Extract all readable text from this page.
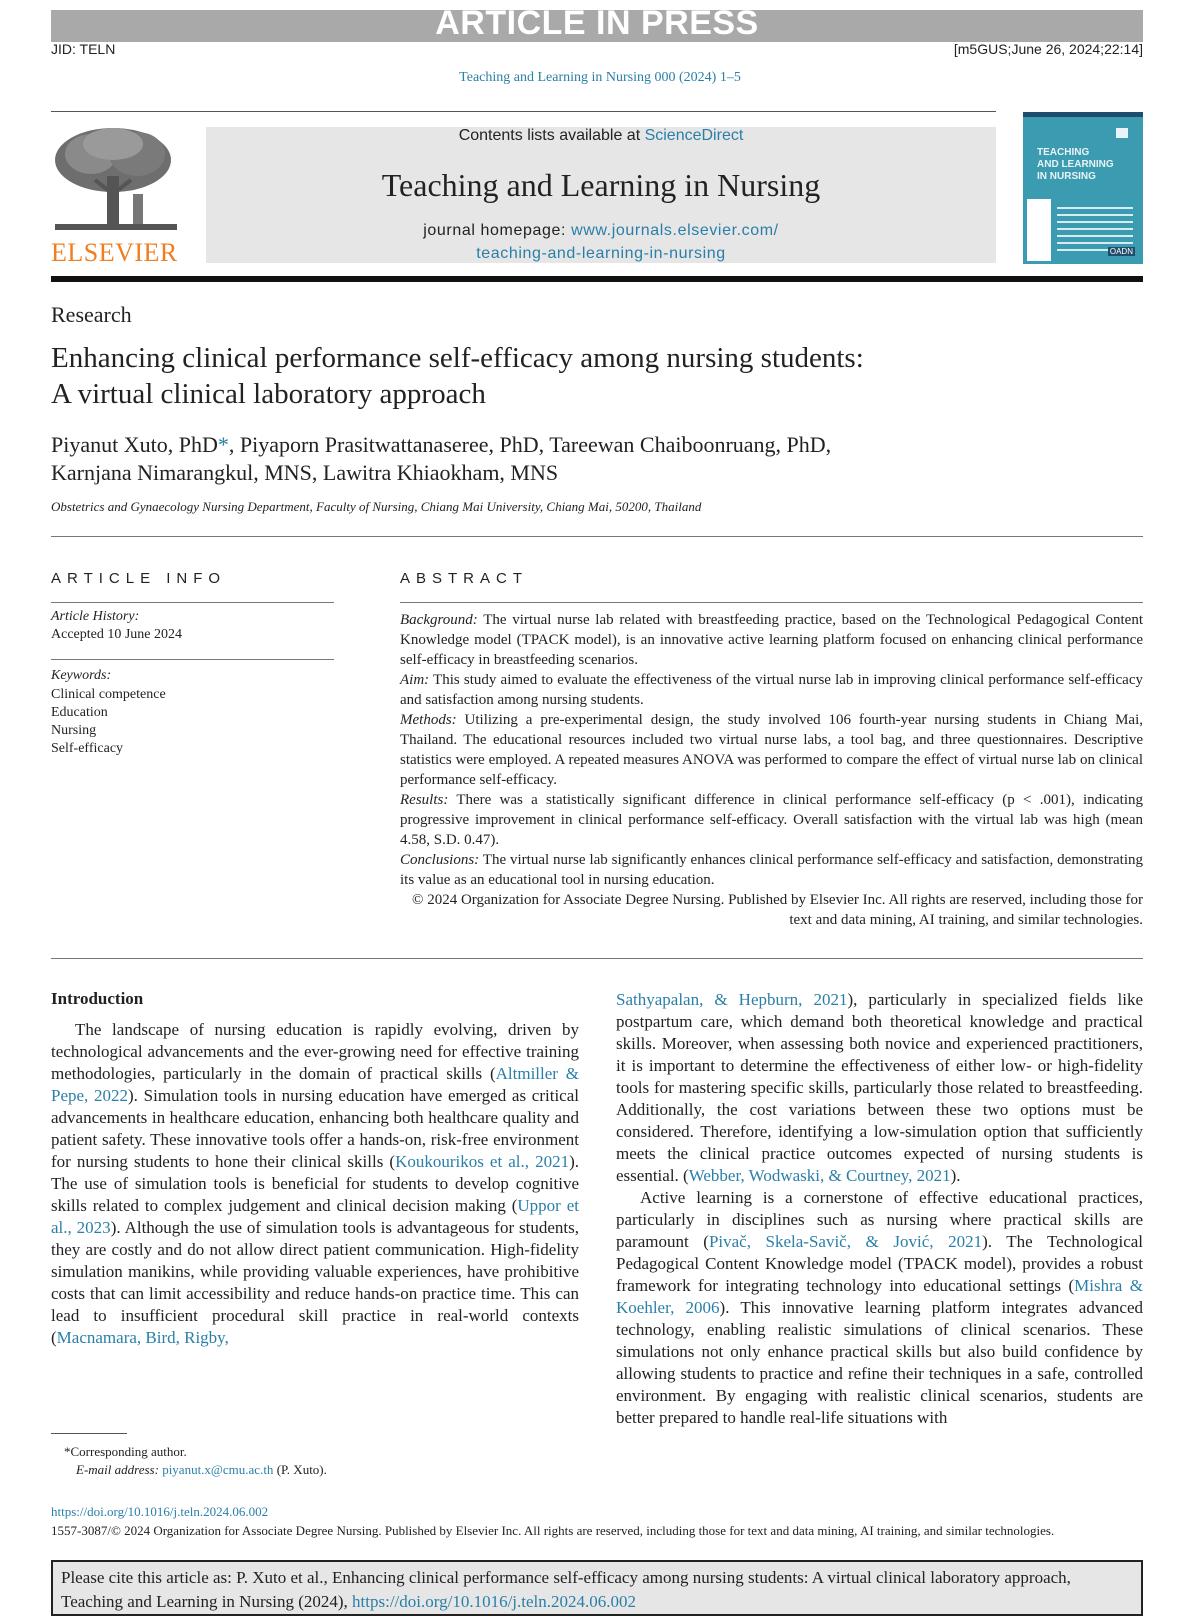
ARTICLE IN PRESS
JID: TELN	[m5GUS;June 26, 2024;22:14]
Teaching and Learning in Nursing 000 (2024) 1–5
ELSEVIER
Contents lists available at ScienceDirect
Teaching and Learning in Nursing
journal homepage: www.journals.elsevier.com/
teaching-and-learning-in-nursing
TEACHING
AND LEARNING
IN NURSING
OADN
Research
Enhancing clinical performance self-efficacy among nursing students:
A virtual clinical laboratory approach
Piyanut Xuto, PhD*, Piyaporn Prasitwattanaseree, PhD, Tareewan Chaiboonruang, PhD,
Karnjana Nimarangkul, MNS, Lawitra Khiaokham, MNS
Obstetrics and Gynaecology Nursing Department, Faculty of Nursing, Chiang Mai University, Chiang Mai, 50200, Thailand
ARTICLE INFO
Article History:
Accepted 10 June 2024
Keywords:
Clinical competence
Education
Nursing
Self-efficacy
ABSTRACT

Background: The virtual nurse lab related with breastfeeding practice, based on the Technological Pedagogical Content Knowledge model (TPACK model), is an innovative active learning platform focused on enhancing clinical performance self-efficacy in breastfeeding scenarios.

Aim: This study aimed to evaluate the effectiveness of the virtual nurse lab in improving clinical performance self-efficacy and satisfaction among nursing students.

Methods: Utilizing a pre-experimental design, the study involved 106 fourth-year nursing students in Chiang Mai, Thailand. The educational resources included two virtual nurse labs, a tool bag, and three questionnaires. Descriptive statistics were employed. A repeated measures ANOVA was performed to compare the effect of virtual nurse lab on clinical performance self-efficacy.

Results: There was a statistically significant difference in clinical performance self-efficacy (p < .001), indicating progressive improvement in clinical performance self-efficacy. Overall satisfaction with the virtual lab was high (mean 4.58, S.D. 0.47).

Conclusions: The virtual nurse lab significantly enhances clinical performance self-efficacy and satisfaction, demonstrating its value as an educational tool in nursing education.

© 2024 Organization for Associate Degree Nursing. Published by Elsevier Inc. All rights are reserved, including those for text and data mining, AI training, and similar technologies.

Introduction

The landscape of nursing education is rapidly evolving, driven by technological advancements and the ever-growing need for effective training methodologies, particularly in the domain of practical skills (Altmiller & Pepe, 2022). Simulation tools in nursing education have emerged as critical advancements in healthcare education, enhancing both healthcare quality and patient safety. These innovative tools offer a hands-on, risk-free environment for nursing students to hone their clinical skills (Koukourikos et al., 2021). The use of simulation tools is beneficial for students to develop cognitive skills related to complex judgement and clinical decision making (Uppor et al., 2023). Although the use of simulation tools is advantageous for students, they are costly and do not allow direct patient communication. High-fidelity simulation manikins, while providing valuable experiences, have prohibitive costs that can limit accessibility and reduce hands-on practice time. This can lead to insufficient procedural skill practice in real-world contexts (Macnamara, Bird, Rigby,

Sathyapalan, & Hepburn, 2021), particularly in specialized fields like postpartum care, which demand both theoretical knowledge and practical skills. Moreover, when assessing both novice and experienced practitioners, it is important to determine the effectiveness of either low- or high-fidelity tools for mastering specific skills, particularly those related to breastfeeding. Additionally, the cost variations between these two options must be considered. Therefore, identifying a low-simulation option that sufficiently meets the clinical practice outcomes expected of nursing students is essential. (Webber, Wodwaski, & Courtney, 2021).

Active learning is a cornerstone of effective educational practices, particularly in disciplines such as nursing where practical skills are paramount (Pivač, Skela-Savič, & Jović, 2021). The Technological Pedagogical Content Knowledge model (TPACK model), provides a robust framework for integrating technology into educational settings (Mishra & Koehler, 2006). This innovative learning platform integrates advanced technology, enabling realistic simulations of clinical scenarios. These simulations not only enhance practical skills but also build confidence by allowing students to practice and refine their techniques in a safe, controlled environment. By engaging with realistic clinical scenarios, students are better prepared to handle real-life situations with

*Corresponding author.
E-mail address: piyanut.x@cmu.ac.th (P. Xuto).
https://doi.org/10.1016/j.teln.2024.06.002
1557-3087/© 2024 Organization for Associate Degree Nursing. Published by Elsevier Inc. All rights are reserved, including those for text and data mining, AI training, and similar technologies.
Please cite this article as: P. Xuto et al., Enhancing clinical performance self-efficacy among nursing students: A virtual clinical laboratory approach, Teaching and Learning in Nursing (2024), https://doi.org/10.1016/j.teln.2024.06.002
